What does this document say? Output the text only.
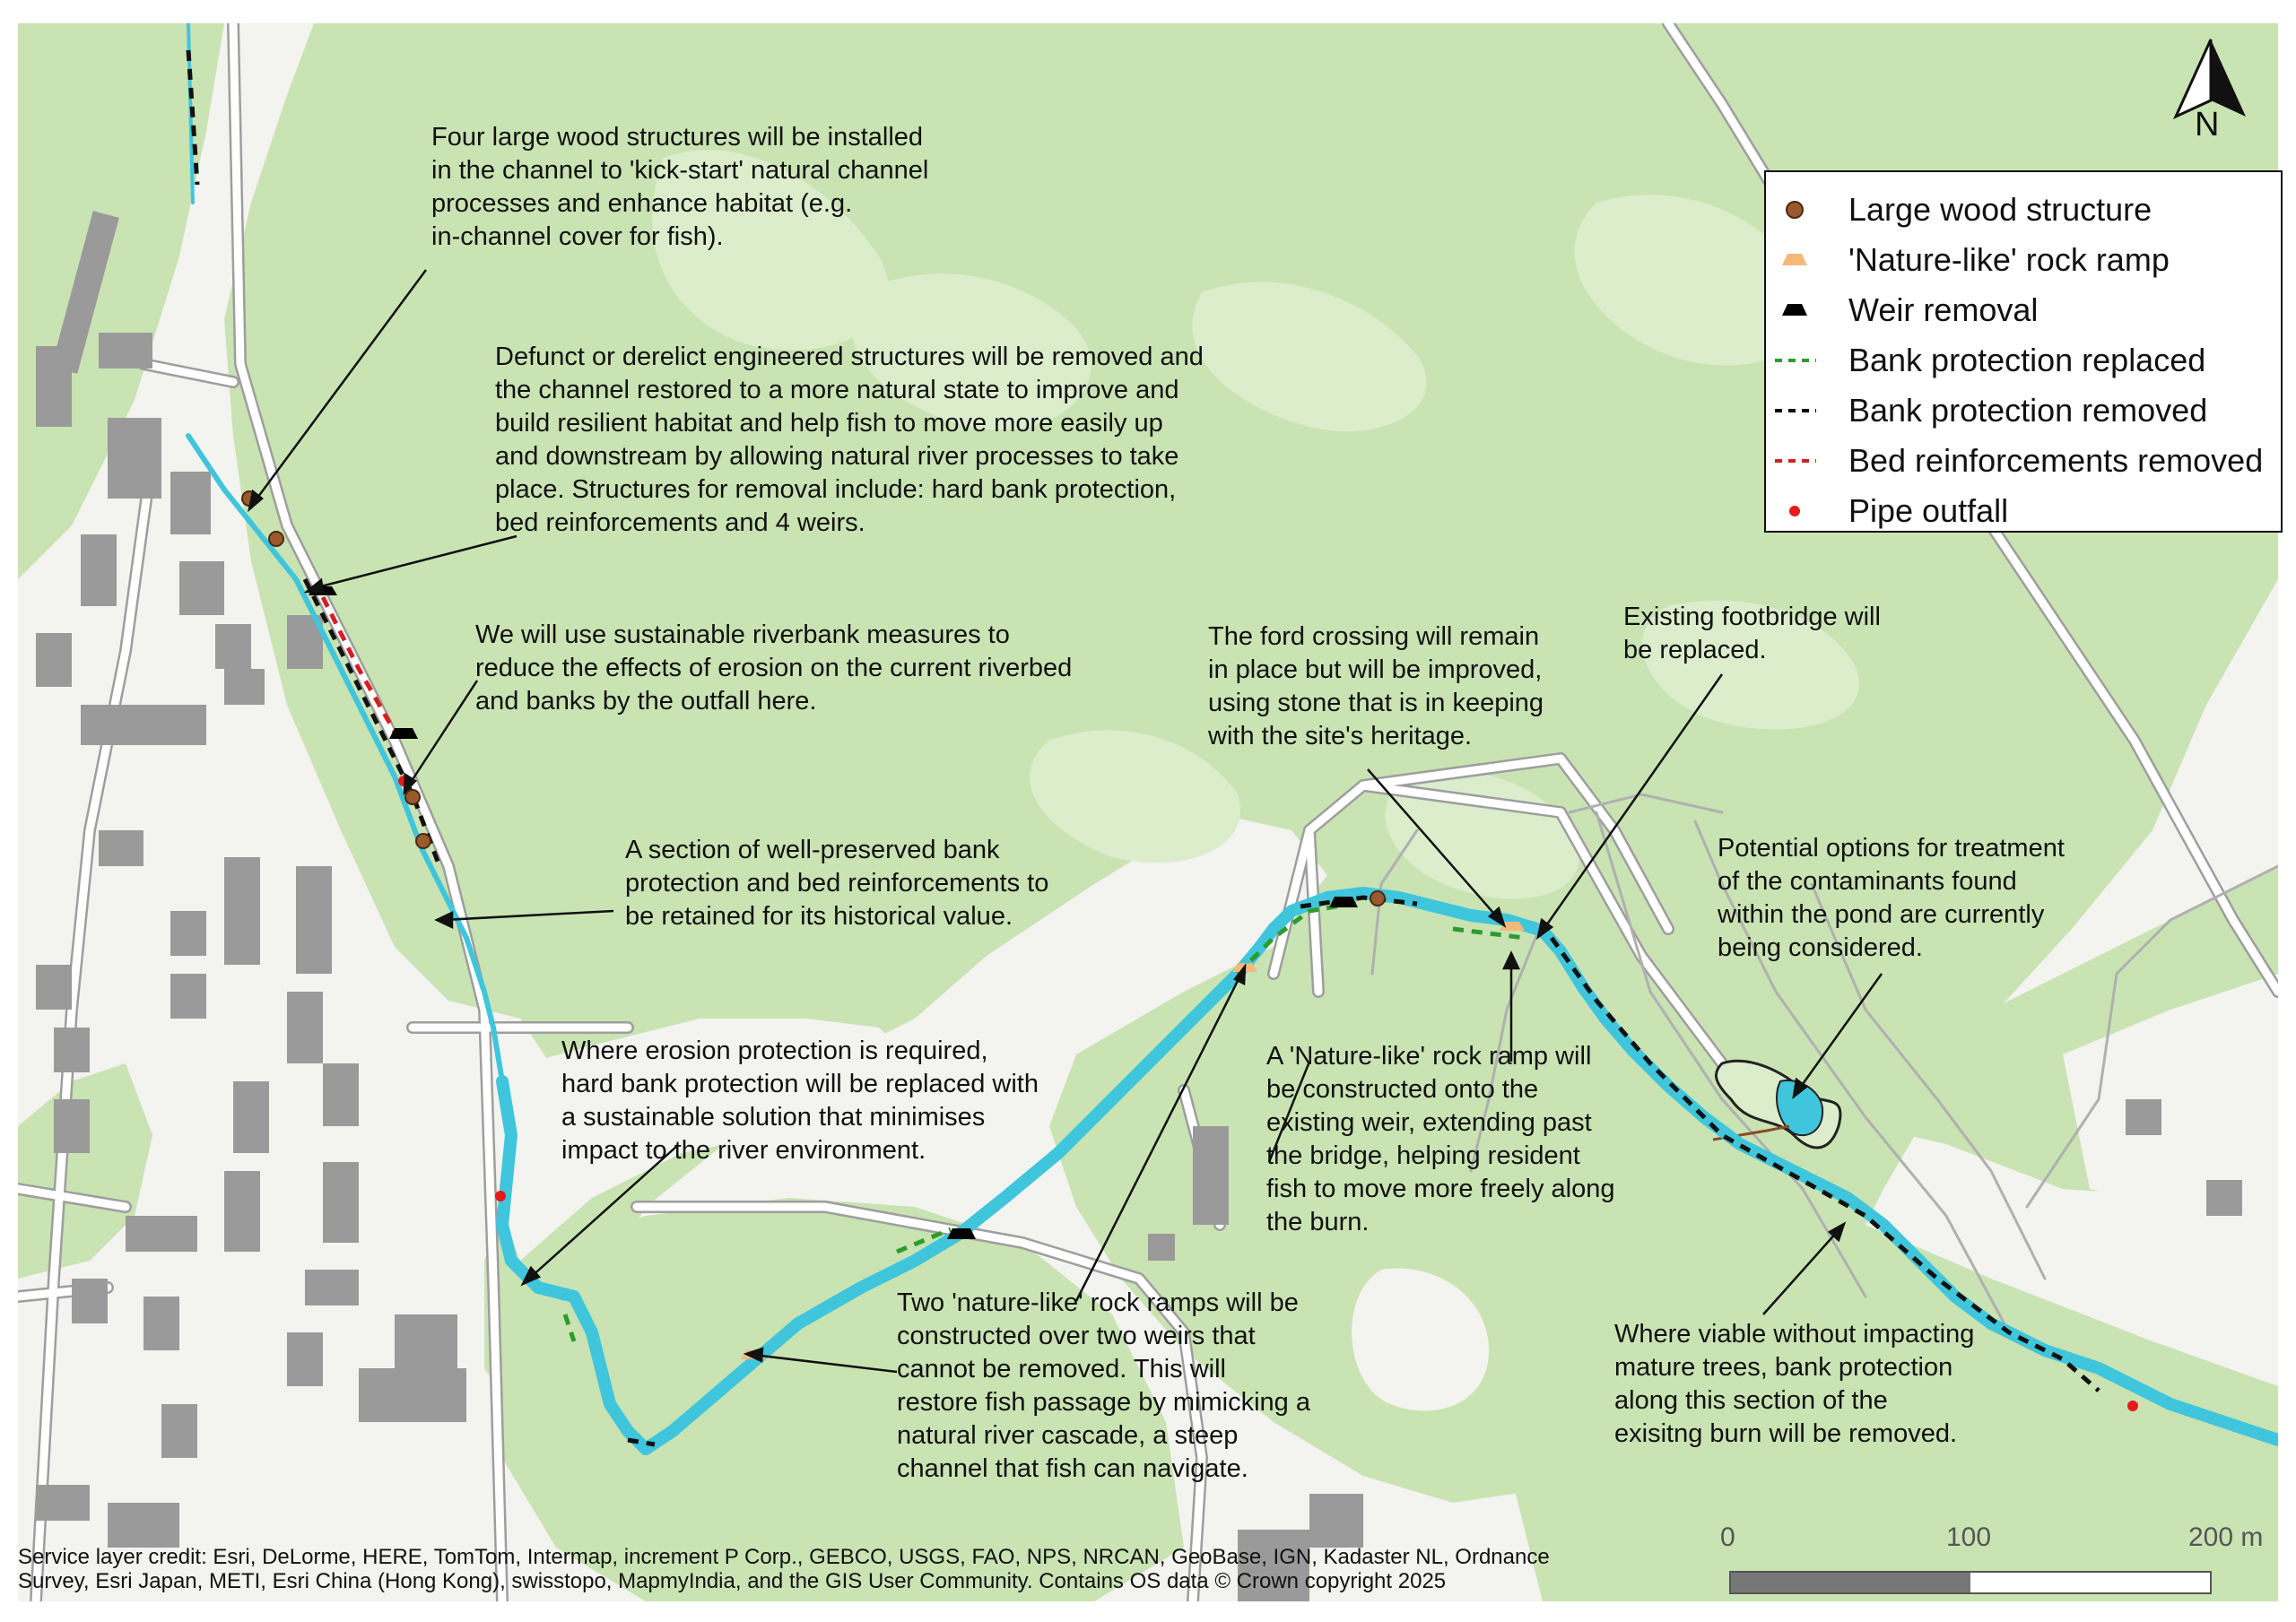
Four large wood structures will be installed
in the channel to 'kick-start' natural channel
processes and enhance habitat (e.g.
in-channel cover for fish).
Defunct or derelict engineered structures will be removed and
the channel restored to a more natural state to improve and
build resilient habitat and help fish to move more easily up
and downstream by allowing natural river processes to take
place. Structures for removal include: hard bank protection,
bed reinforcements and 4 weirs.
We will use sustainable riverbank measures to
reduce the effects of erosion on the current riverbed
and banks by the outfall here.
A section of well-preserved bank
protection and bed reinforcements to
be retained for its historical value.
Where erosion protection is required,
hard bank protection will be replaced with
a sustainable solution that minimises
impact to the river environment.
The ford crossing will remain
in place but will be improved,
using stone that is in keeping
with the site's heritage.
Existing footbridge will
be replaced.
Potential options for treatment
of the contaminants found
within the pond are currently
being considered.
A 'Nature-like' rock ramp will
be constructed onto the
existing weir, extending past
the bridge, helping resident
fish to move more freely along
the burn.
Two 'nature-like' rock ramps will be
constructed over two weirs that
cannot be removed. This will
restore fish passage by mimicking a
natural river cascade, a steep
channel that fish can navigate.
Where viable without impacting
mature trees, bank protection
along this section of the
exisitng burn will be removed.
N
Large wood structure
'Nature-like' rock ramp
Weir removal
Bank protection replaced
Bank protection removed
Bed reinforcements removed
Pipe outfall
0	100	200 m
Service layer credit: Esri, DeLorme, HERE, TomTom, Intermap, increment P Corp., GEBCO, USGS, FAO, NPS, NRCAN, GeoBase, IGN, Kadaster NL, Ordnance
Survey, Esri Japan, METI, Esri China (Hong Kong), swisstopo, MapmyIndia, and the GIS User Community. Contains OS data © Crown copyright 2025
